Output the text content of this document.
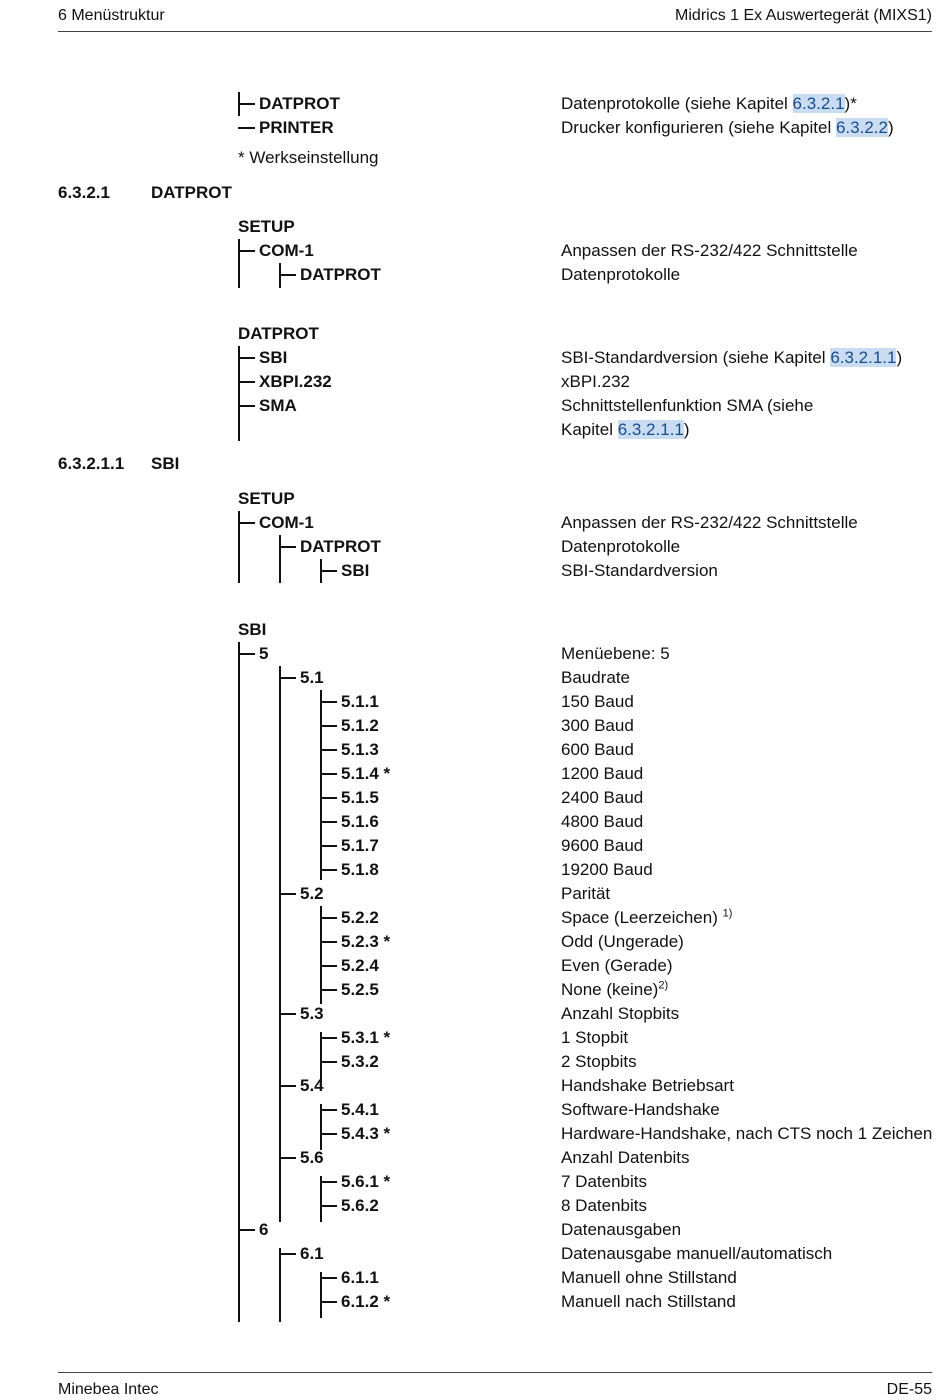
6 Menüstruktur	Midrics 1 Ex Auswertegerät (MIXS1)
* Werkseinstellung
6.3.2.1 DATPROT
6.3.2.1.1 SBI
DATPROT	Datenprotokolle (siehe Kapitel 6.3.2.1)*
PRINTER	Drucker konfigurieren (siehe Kapitel 6.3.2.2)
SETUP
COM-1	Anpassen der RS-232/422 Schnittstelle
DATPROT	Datenprotokolle
DATPROT
SBI	SBI-Standardversion (siehe Kapitel 6.3.2.1.1)
XBPI.232	xBPI.232
SMA	Schnittstellenfunktion SMA (siehe
Kapitel 6.3.2.1.1)
SETUP
COM-1	Anpassen der RS-232/422 Schnittstelle
DATPROT	Datenprotokolle
SBI	SBI-Standardversion
SBI
5	Menüebene: 5
5.1	Baudrate
5.1.1	150 Baud
5.1.2	300 Baud
5.1.3	600 Baud
5.1.4 *	1200 Baud
5.1.5	2400 Baud
5.1.6	4800 Baud
5.1.7	9600 Baud
5.1.8	19200 Baud
5.2	Parität
5.2.2	Space (Leerzeichen) $^{1)}$
5.2.3 *	Odd (Ungerade)
5.2.4	Even (Gerade)
5.2.5	None (keine)$^{2)}$
5.3	Anzahl Stopbits
5.3.1 *	1 Stopbit
5.3.2	2 Stopbits
5.4	Handshake Betriebsart
5.4.1	Software-Handshake
5.4.3 *	Hardware-Handshake, nach CTS noch 1 Zeichen
5.6	Anzahl Datenbits
5.6.1 *	7 Datenbits
5.6.2	8 Datenbits
6	Datenausgaben
6.1	Datenausgabe manuell/automatisch
6.1.1	Manuell ohne Stillstand
6.1.2 *	Manuell nach Stillstand
Minebea Intec	DE-55
